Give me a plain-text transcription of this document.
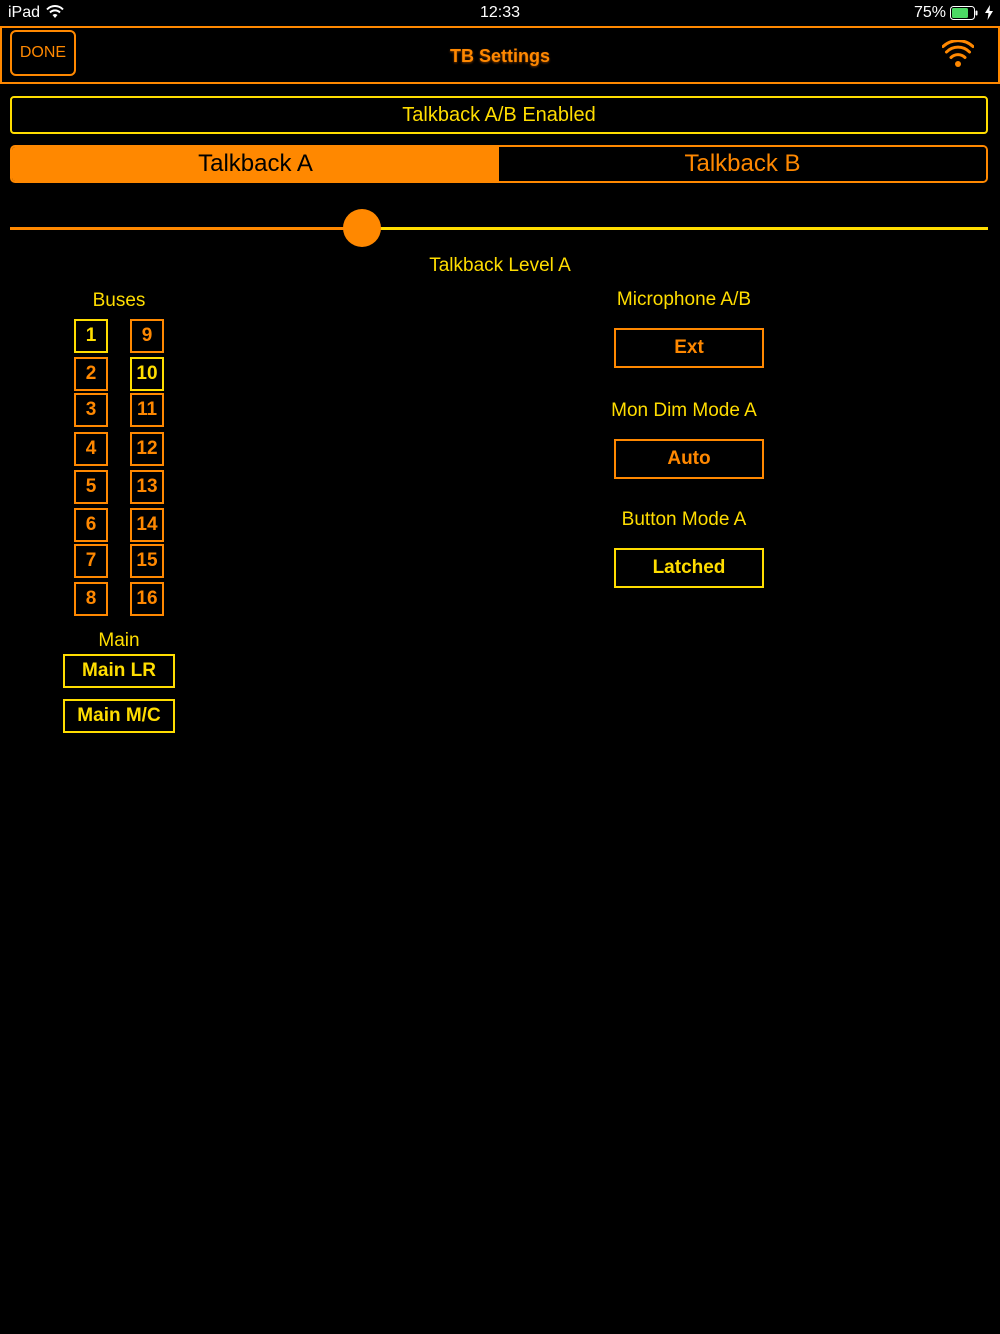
iPad	12:33	75%
DONE	TB Settings
Talkback A/B Enabled
Talkback A	Talkback B
Talkback Level A
Buses
1
2
3
4
5
6
7
8
9
10
11
12
13
14
15
16
Main
Main LR
Main M/C
Microphone A/B
Ext
Mon Dim Mode A
Auto
Button Mode A
Latched
